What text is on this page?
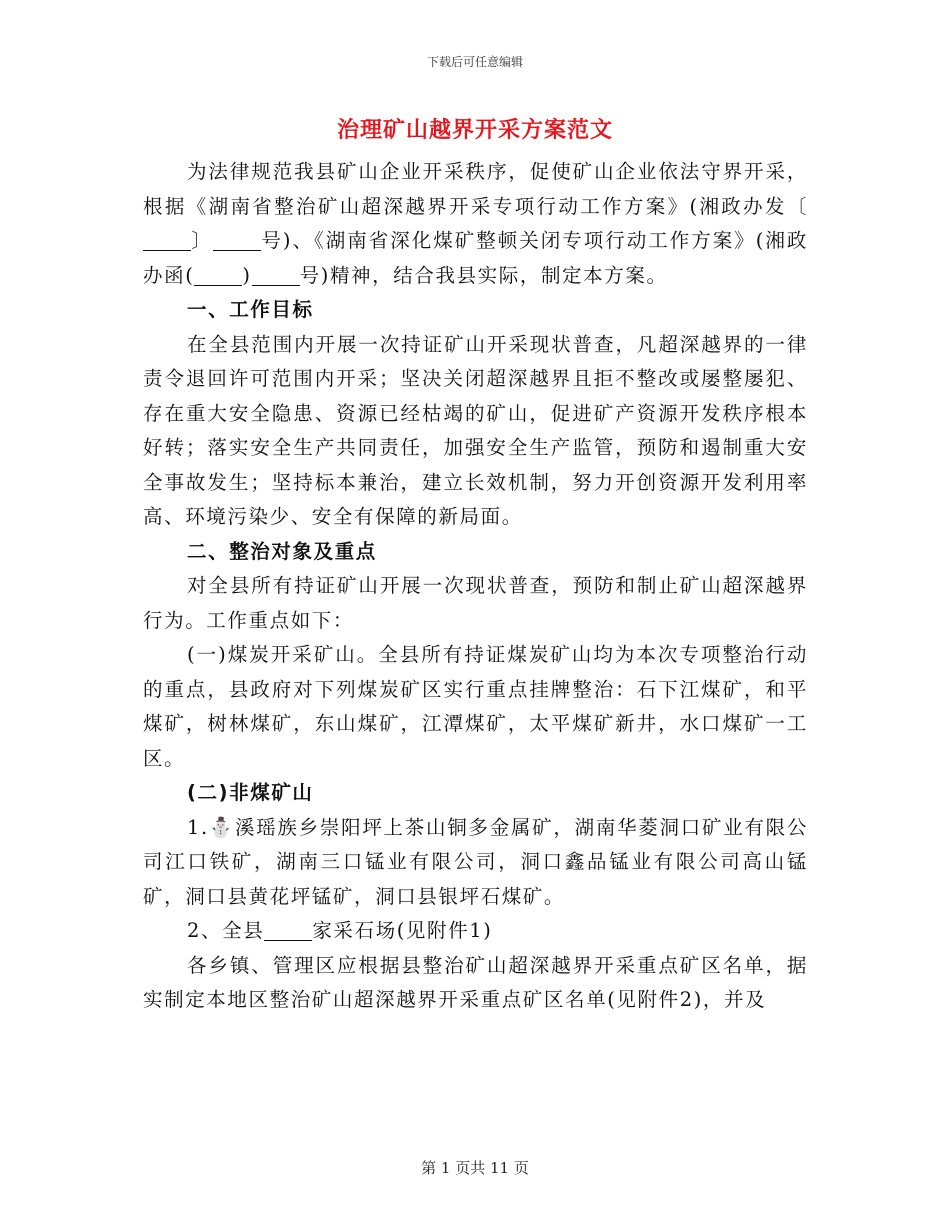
下载后可任意编辑
治理矿山越界开采方案范文

为法律规范我县矿山企业开采秩序，促使矿山企业依法守界开采，根据《湖南省整治矿山超深越界开采专项行动工作方案》(湘政办发〔〕 号)、《湖南省深化煤矿整顿关闭专项行动工作方案》(湘政办函( ) 号)精神，结合我县实际，制定本方案。

一、工作目标

在全县范围内开展一次持证矿山开采现状普查，凡超深越界的一律责令退回许可范围内开采；坚决关闭超深越界且拒不整改或屡整屡犯、存在重大安全隐患、资源已经枯竭的矿山，促进矿产资源开发秩序根本好转；落实安全生产共同责任，加强安全生产监管，预防和遏制重大安全事故发生；坚持标本兼治，建立长效机制，努力开创资源开发利用率高、环境污染少、安全有保障的新局面。

二、整治对象及重点

对全县所有持证矿山开展一次现状普查，预防和制止矿山超深越界行为。工作重点如下：

(一)煤炭开采矿山。全县所有持证煤炭矿山均为本次专项整治行动的重点，县政府对下列煤炭矿区实行重点挂牌整治：石下江煤矿，和平煤矿，树林煤矿，东山煤矿，江潭煤矿，太平煤矿新井，水口煤矿一工区。

(二)非煤矿山

1.⛄溪瑶族乡崇阳坪上茶山铜多金属矿，湖南华菱洞口矿业有限公司江口铁矿，湖南三口锰业有限公司，洞口鑫品锰业有限公司高山锰矿，洞口县黄花坪锰矿，洞口县银坪石煤矿。

2、全县 家采石场(见附件1)

各乡镇、管理区应根据县整治矿山超深越界开采重点矿区名单，据实制定本地区整治矿山超深越界开采重点矿区名单(见附件2)，并及

第 1 页共 11 页
